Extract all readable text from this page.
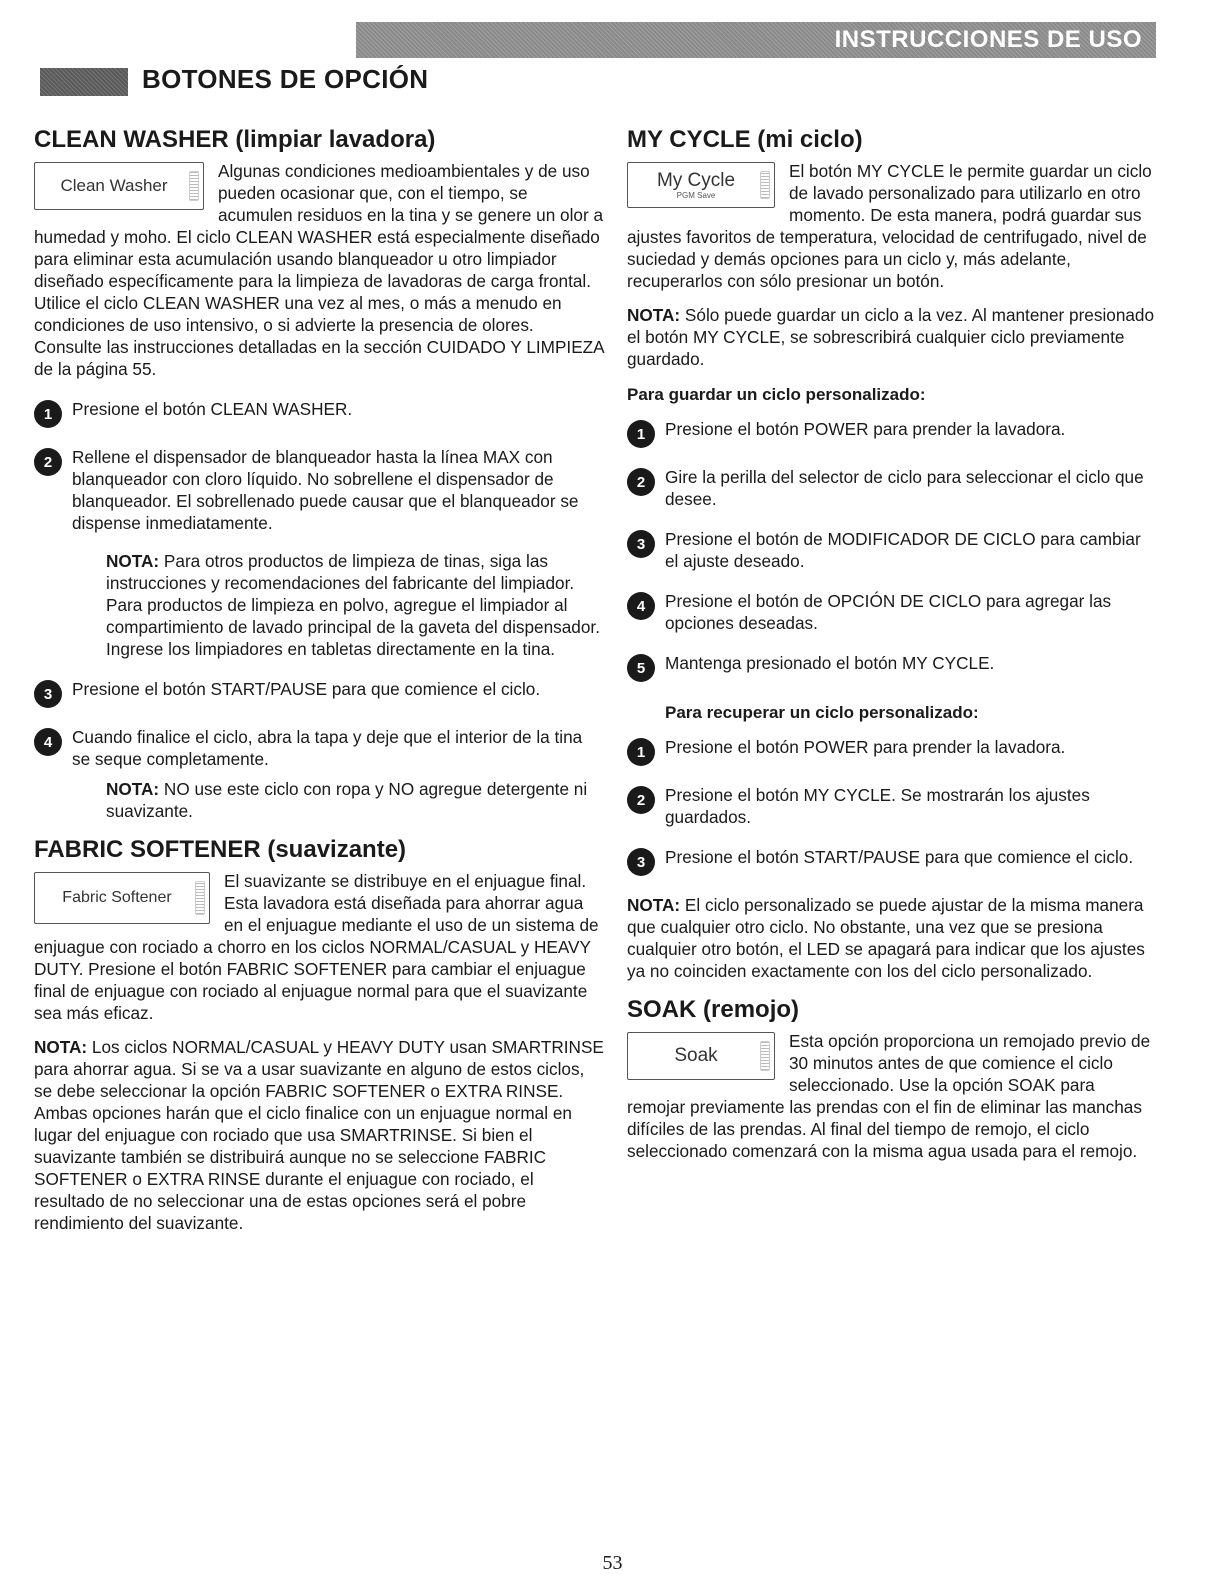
INSTRUCCIONES DE USO
BOTONES DE OPCIÓN
CLEAN WASHER (limpiar lavadora)
Clean Washer

Algunas condiciones medioambientales y de uso pueden ocasionar que, con el tiempo, se acumulen residuos en la tina y se genere un olor a humedad y moho. El ciclo CLEAN WASHER está especialmente diseñado para eliminar esta acumulación usando blanqueador u otro limpiador diseñado específicamente para la limpieza de lavadoras de carga frontal. Utilice el ciclo CLEAN WASHER una vez al mes, o más a menudo en condiciones de uso intensivo, o si advierte la presencia de olores. Consulte las instrucciones detalladas en la sección CUIDADO Y LIMPIEZA de la página 55.

1	Presione el botón CLEAN WASHER.

2	Rellene el dispensador de blanqueador hasta la línea MAX con blanqueador con cloro líquido. No sobrellene el dispensador de blanqueador. El sobrellenado puede causar que el blanqueador se dispense inmediatamente.

NOTA: Para otros productos de limpieza de tinas, siga las instrucciones y recomendaciones del fabricante del limpiador. Para productos de limpieza en polvo, agregue el limpiador al compartimiento de lavado principal de la gaveta del dispensador. Ingrese los limpiadores en tabletas directamente en la tina.

3	Presione el botón START/PAUSE para que comience el ciclo.

4	Cuando finalice el ciclo, abra la tapa y deje que el interior de la tina se seque completamente.

NOTA: NO use este ciclo con ropa y NO agregue detergente ni suavizante.

FABRIC SOFTENER (suavizante)
Fabric Softener

El suavizante se distribuye en el enjuague final. Esta lavadora está diseñada para ahorrar agua en el enjuague mediante el uso de un sistema de enjuague con rociado a chorro en los ciclos NORMAL/CASUAL y HEAVY DUTY. Presione el botón FABRIC SOFTENER para cambiar el enjuague final de enjuague con rociado al enjuague normal para que el suavizante sea más eficaz.

NOTA: Los ciclos NORMAL/CASUAL y HEAVY DUTY usan SMARTRINSE para ahorrar agua. Si se va a usar suavizante en alguno de estos ciclos, se debe seleccionar la opción FABRIC SOFTENER o EXTRA RINSE. Ambas opciones harán que el ciclo finalice con un enjuague normal en lugar del enjuague con rociado que usa SMARTRINSE. Si bien el suavizante también se distribuirá aunque no se seleccione FABRIC SOFTENER o EXTRA RINSE durante el enjuague con rociado, el resultado de no seleccionar una de estas opciones será el pobre rendimiento del suavizante.

MY CYCLE (mi ciclo)
My Cycle
PGM Save

El botón MY CYCLE le permite guardar un ciclo de lavado personalizado para utilizarlo en otro momento. De esta manera, podrá guardar sus ajustes favoritos de temperatura, velocidad de centrifugado, nivel de suciedad y demás opciones para un ciclo y, más adelante, recuperarlos con sólo presionar un botón.

NOTA: Sólo puede guardar un ciclo a la vez. Al mantener presionado el botón MY CYCLE, se sobrescribirá cualquier ciclo previamente guardado.

Para guardar un ciclo personalizado:

1	Presione el botón POWER para prender la lavadora.

2	Gire la perilla del selector de ciclo para seleccionar el ciclo que desee.

3	Presione el botón de MODIFICADOR DE CICLO para cambiar el ajuste deseado.

4	Presione el botón de OPCIÓN DE CICLO para agregar las opciones deseadas.

5	Mantenga presionado el botón MY CYCLE.

Para recuperar un ciclo personalizado:

1	Presione el botón POWER para prender la lavadora.

2	Presione el botón MY CYCLE. Se mostrarán los ajustes guardados.

3	Presione el botón START/PAUSE para que comience el ciclo.

NOTA: El ciclo personalizado se puede ajustar de la misma manera que cualquier otro ciclo. No obstante, una vez que se presiona cualquier otro botón, el LED se apagará para indicar que los ajustes ya no coinciden exactamente con los del ciclo personalizado.

SOAK (remojo)
Soak

Esta opción proporciona un remojado previo de 30 minutos antes de que comience el ciclo seleccionado. Use la opción SOAK para remojar previamente las prendas con el fin de eliminar las manchas difíciles de las prendas. Al final del tiempo de remojo, el ciclo seleccionado comenzará con la misma agua usada para el remojo.

53
